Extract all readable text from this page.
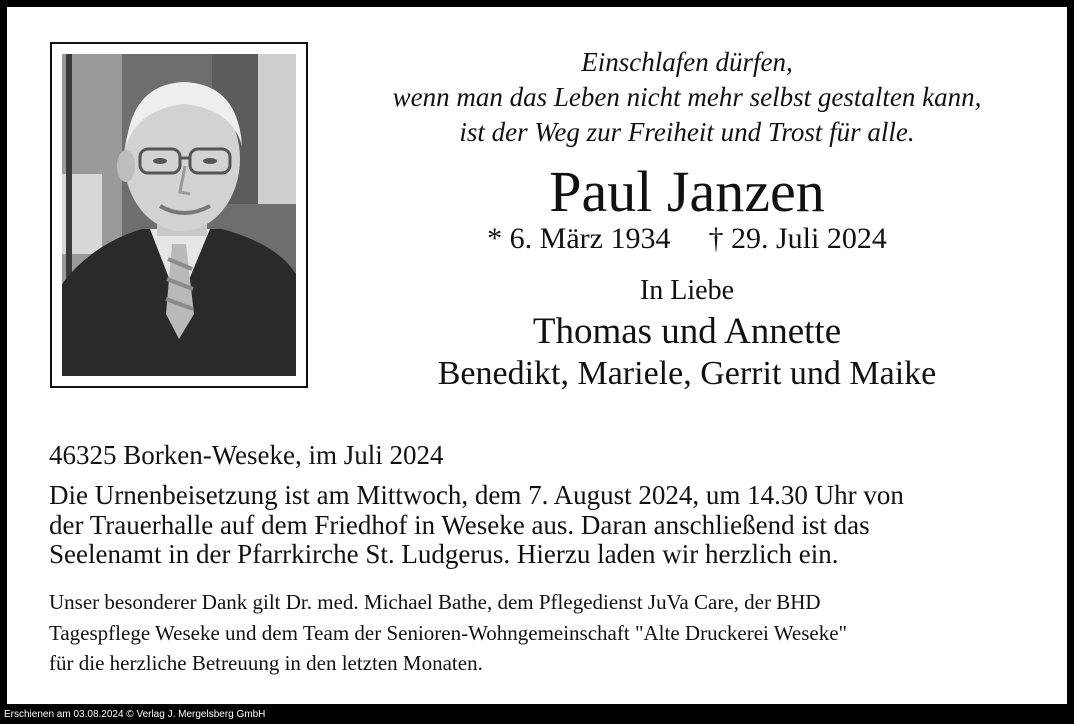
Einschlafen dürfen,
wenn man das Leben nicht mehr selbst gestalten kann,
ist der Weg zur Freiheit und Trost für alle.
Paul Janzen
* 6. März 1934 † 29. Juli 2024
In Liebe
Thomas und Annette
Benedikt, Mariele, Gerrit und Maike
46325 Borken-Weseke, im Juli 2024
Die Urnenbeisetzung ist am Mittwoch, dem 7. August 2024, um 14.30 Uhr von
der Trauerhalle auf dem Friedhof in Weseke aus. Daran anschließend ist das
Seelenamt in der Pfarrkirche St. Ludgerus. Hierzu laden wir herzlich ein.
Unser besonderer Dank gilt Dr. med. Michael Bathe, dem Pflegedienst JuVa Care, der BHD
Tagespflege Weseke und dem Team der Senioren-Wohngemeinschaft "Alte Druckerei Weseke"
für die herzliche Betreuung in den letzten Monaten.
Erschienen am 03.08.2024 © Verlag J. Mergelsberg GmbH
